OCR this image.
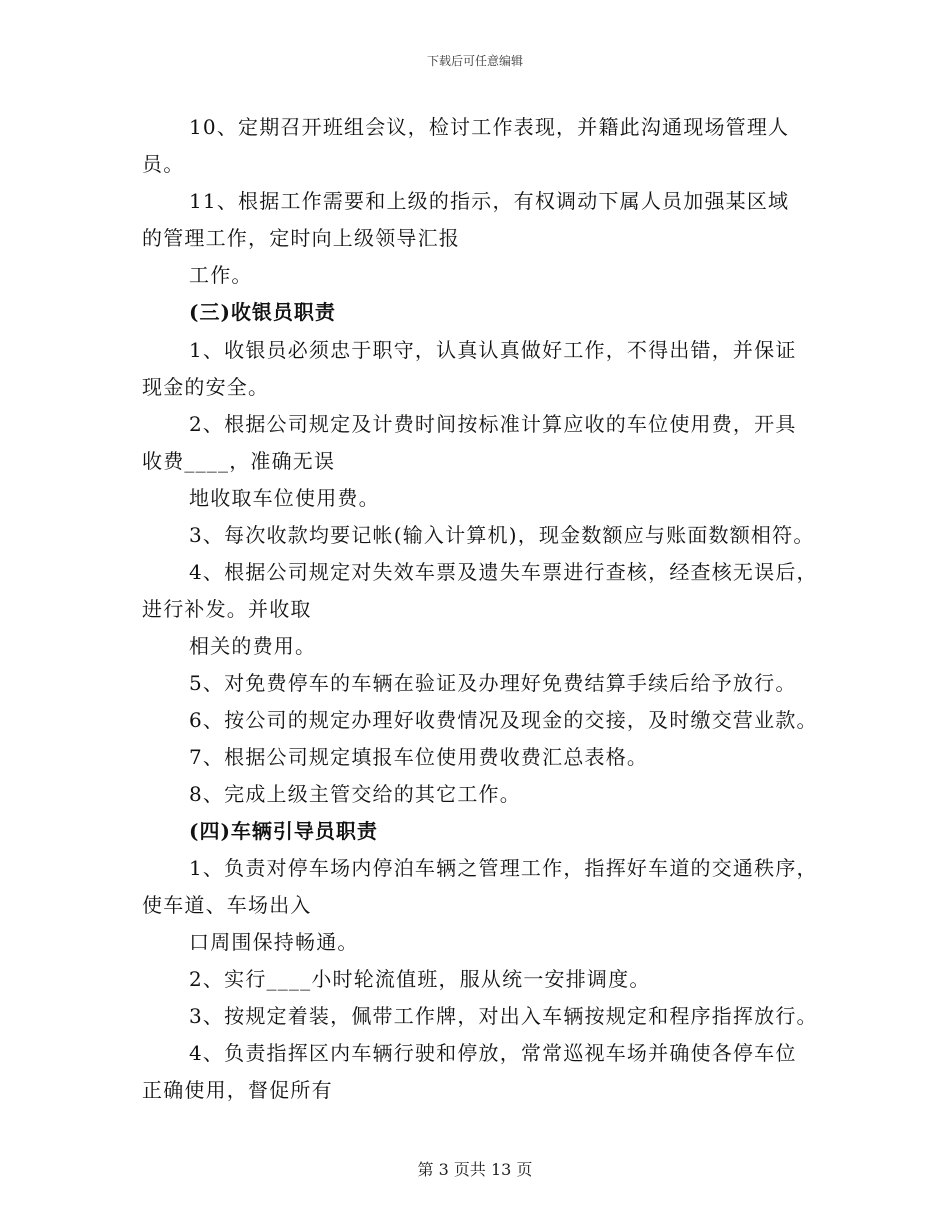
下载后可任意编辑
10、定期召开班组会议，检讨工作表现，并籍此沟通现场管理人
员。
11、根据工作需要和上级的指示，有权调动下属人员加强某区域
的管理工作，定时向上级领导汇报
工作。
(三)收银员职责
1、收银员必须忠于职守，认真认真做好工作，不得出错，并保证
现金的安全。
2、根据公司规定及计费时间按标准计算应收的车位使用费，开具
收费____，准确无误
地收取车位使用费。
3、每次收款均要记帐(输入计算机)，现金数额应与账面数额相符。
4、根据公司规定对失效车票及遗失车票进行查核，经查核无误后，
进行补发。并收取
相关的费用。
5、对免费停车的车辆在验证及办理好免费结算手续后给予放行。
6、按公司的规定办理好收费情况及现金的交接，及时缴交营业款。
7、根据公司规定填报车位使用费收费汇总表格。
8、完成上级主管交给的其它工作。
(四)车辆引导员职责
1、负责对停车场内停泊车辆之管理工作，指挥好车道的交通秩序，
使车道、车场出入
口周围保持畅通。
2、实行____小时轮流值班，服从统一安排调度。
3、按规定着装，佩带工作牌，对出入车辆按规定和程序指挥放行。
4、负责指挥区内车辆行驶和停放，常常巡视车场并确使各停车位
正确使用，督促所有
第 3 页共 13 页
